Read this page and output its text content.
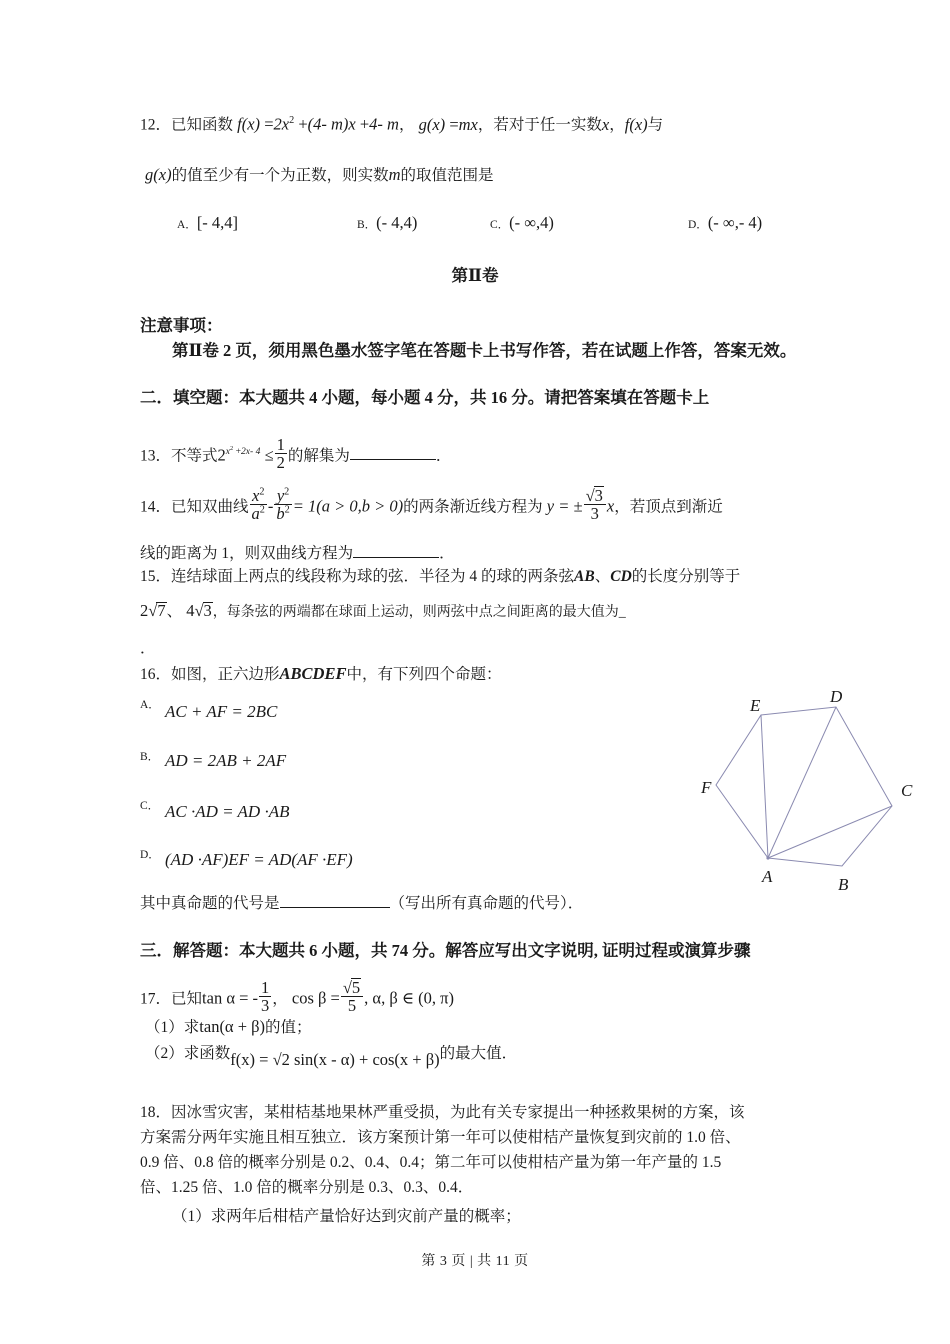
12．已知函数 $f(x) =2x^2 +(4-$ m)x +4- m， g(x) =mx，若对于任一实数x，f(x)与
g(x)的值至少有一个为正数，则实数m的取值范围是
A．[- 4,4]	B．(- 4,4)	C．(- ∞,4)	D．(- ∞,- 4)
第Ⅱ卷
注意事项：
第Ⅱ卷 2 页，须用黑色墨水签字笔在答题卡上书写作答，若在试题上作答，答案无效。
二．填空题：本大题共 4 小题，每小题 4 分，共 16 分。请把答案填在答题卡上
13．不等式$2^{x^2 +2x- 4} \le \frac{1}{2}$ 的解集为	．
14．已知双曲线 $\frac{x^2}{a^2} - \frac{y^2}{b^2} = 1(a > 0,b > 0)$的两条渐近线方程为 y = ± $\frac{√3}{3}$ x，若顶点到渐近
线的距离为 1，则双曲线方程为	．
15．连结球面上两点的线段称为球的弦．半径为 4 的球的两条弦AB、CD的长度分别等于
2√7、 4√3，每条弦的两端都在球面上运动，则两弦中点之间距离的最大值为_
．
16．如图，正六边形ABCDEF中，有下列四个命题：
A． AC + AF = 2BC
B． AD = 2AB + 2AF
C． AC ·AD = AD ·AB
D． (AD ·AF)EF = AD(AF ·EF)
其中真命题的代号是	（写出所有真命题的代号）．
A	B
C
D
E
F
三．解答题：本大题共 6 小题，共 74 分。解答应写出文字说明, 证明过程或演算步骤
17．已知tan α = - $\frac{1}{3}$ ， $\cos \beta = \frac{√5}{5}$ , α, β ∈ (0, π)
（1）求tan(α + β)的值；
（2）求函数f(x) = √2 sin(x - α) + cos(x + β)的最大值．
18．因冰雪灾害，某柑桔基地果林严重受损，为此有关专家提出一种拯救果树的方案，该
方案需分两年实施且相互独立．该方案预计第一年可以使柑桔产量恢复到灾前的 1.0 倍、
0.9 倍、0.8 倍的概率分别是 0.2、0.4、0.4；第二年可以使柑桔产量为第一年产量的 1.5
倍、1.25 倍、1.0 倍的概率分别是 0.3、0.3、0.4．
（1）求两年后柑桔产量恰好达到灾前产量的概率；
第 3 页 | 共 11 页
